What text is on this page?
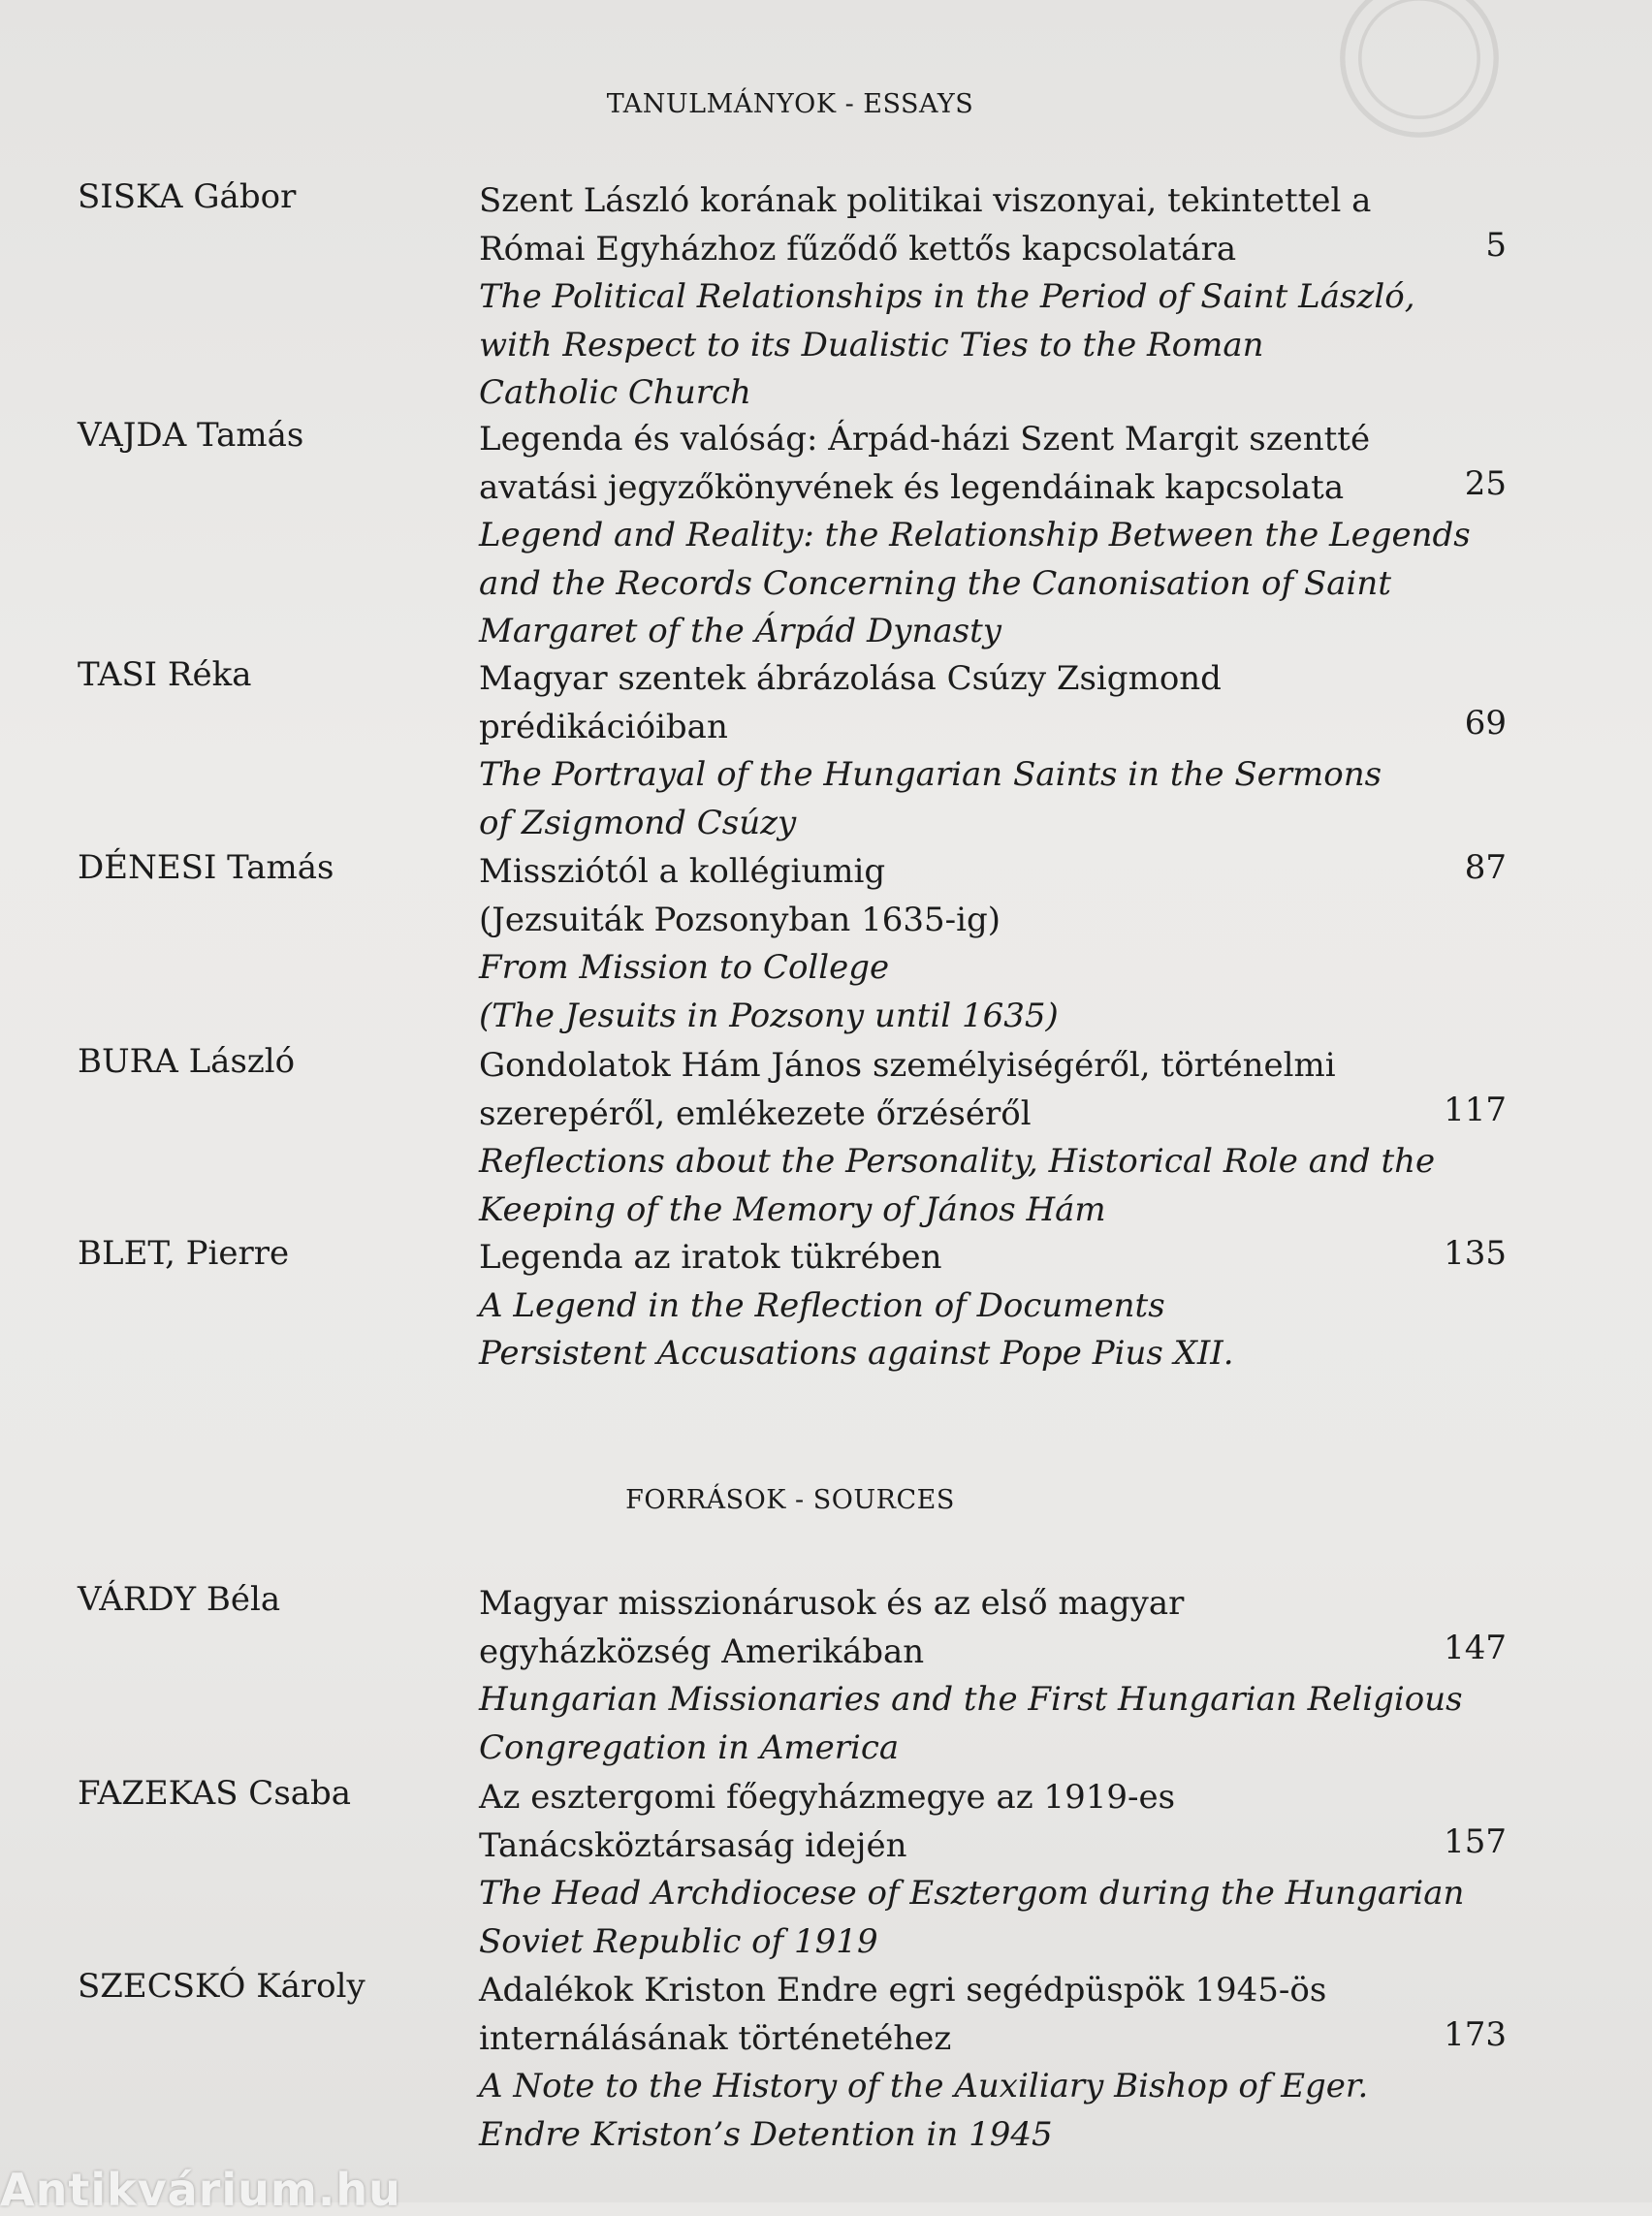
TANULMÁNYOK - ESSAYS
SISKA Gábor	Szent László korának politikai viszonyai, tekintettel a
Római Egyházhoz fűződő kettős kapcsolatára
The Political Relationships in the Period of Saint László,
with Respect to its Dualistic Ties to the Roman
Catholic Church
5
VAJDA Tamás	Legenda és valóság: Árpád-házi Szent Margit szentté
avatási jegyzőkönyvének és legendáinak kapcsolata
Legend and Reality: the Relationship Between the Legends
and the Records Concerning the Canonisation of Saint
Margaret of the Árpád Dynasty
25
TASI Réka	Magyar szentek ábrázolása Csúzy Zsigmond
prédikációiban
The Portrayal of the Hungarian Saints in the Sermons
of Zsigmond Csúzy
69
DÉNESI Tamás	Missziótól a kollégiumig
(Jezsuiták Pozsonyban 1635-ig)
From Mission to College
(The Jesuits in Pozsony until 1635)
87
BURA László	Gondolatok Hám János személyiségéről, történelmi
szerepéről, emlékezete őrzéséről
Reflections about the Personality, Historical Role and the
Keeping of the Memory of János Hám
117
BLET, Pierre	Legenda az iratok tükrében
A Legend in the Reflection of Documents
Persistent Accusations against Pope Pius XII.
135
FORRÁSOK - SOURCES
VÁRDY Béla	Magyar misszionárusok és az első magyar
egyházközség Amerikában
Hungarian Missionaries and the First Hungarian Religious
Congregation in America
147
FAZEKAS Csaba	Az esztergomi főegyházmegye az 1919-es
Tanácsköztársaság idején
The Head Archdiocese of Esztergom during the Hungarian
Soviet Republic of 1919
157
SZECSKÓ Károly	Adalékok Kriston Endre egri segédpüspök 1945-ös
internálásának történetéhez
A Note to the History of the Auxiliary Bishop of Eger.
Endre Kriston’s Detention in 1945
173
Antikvárium.hu
